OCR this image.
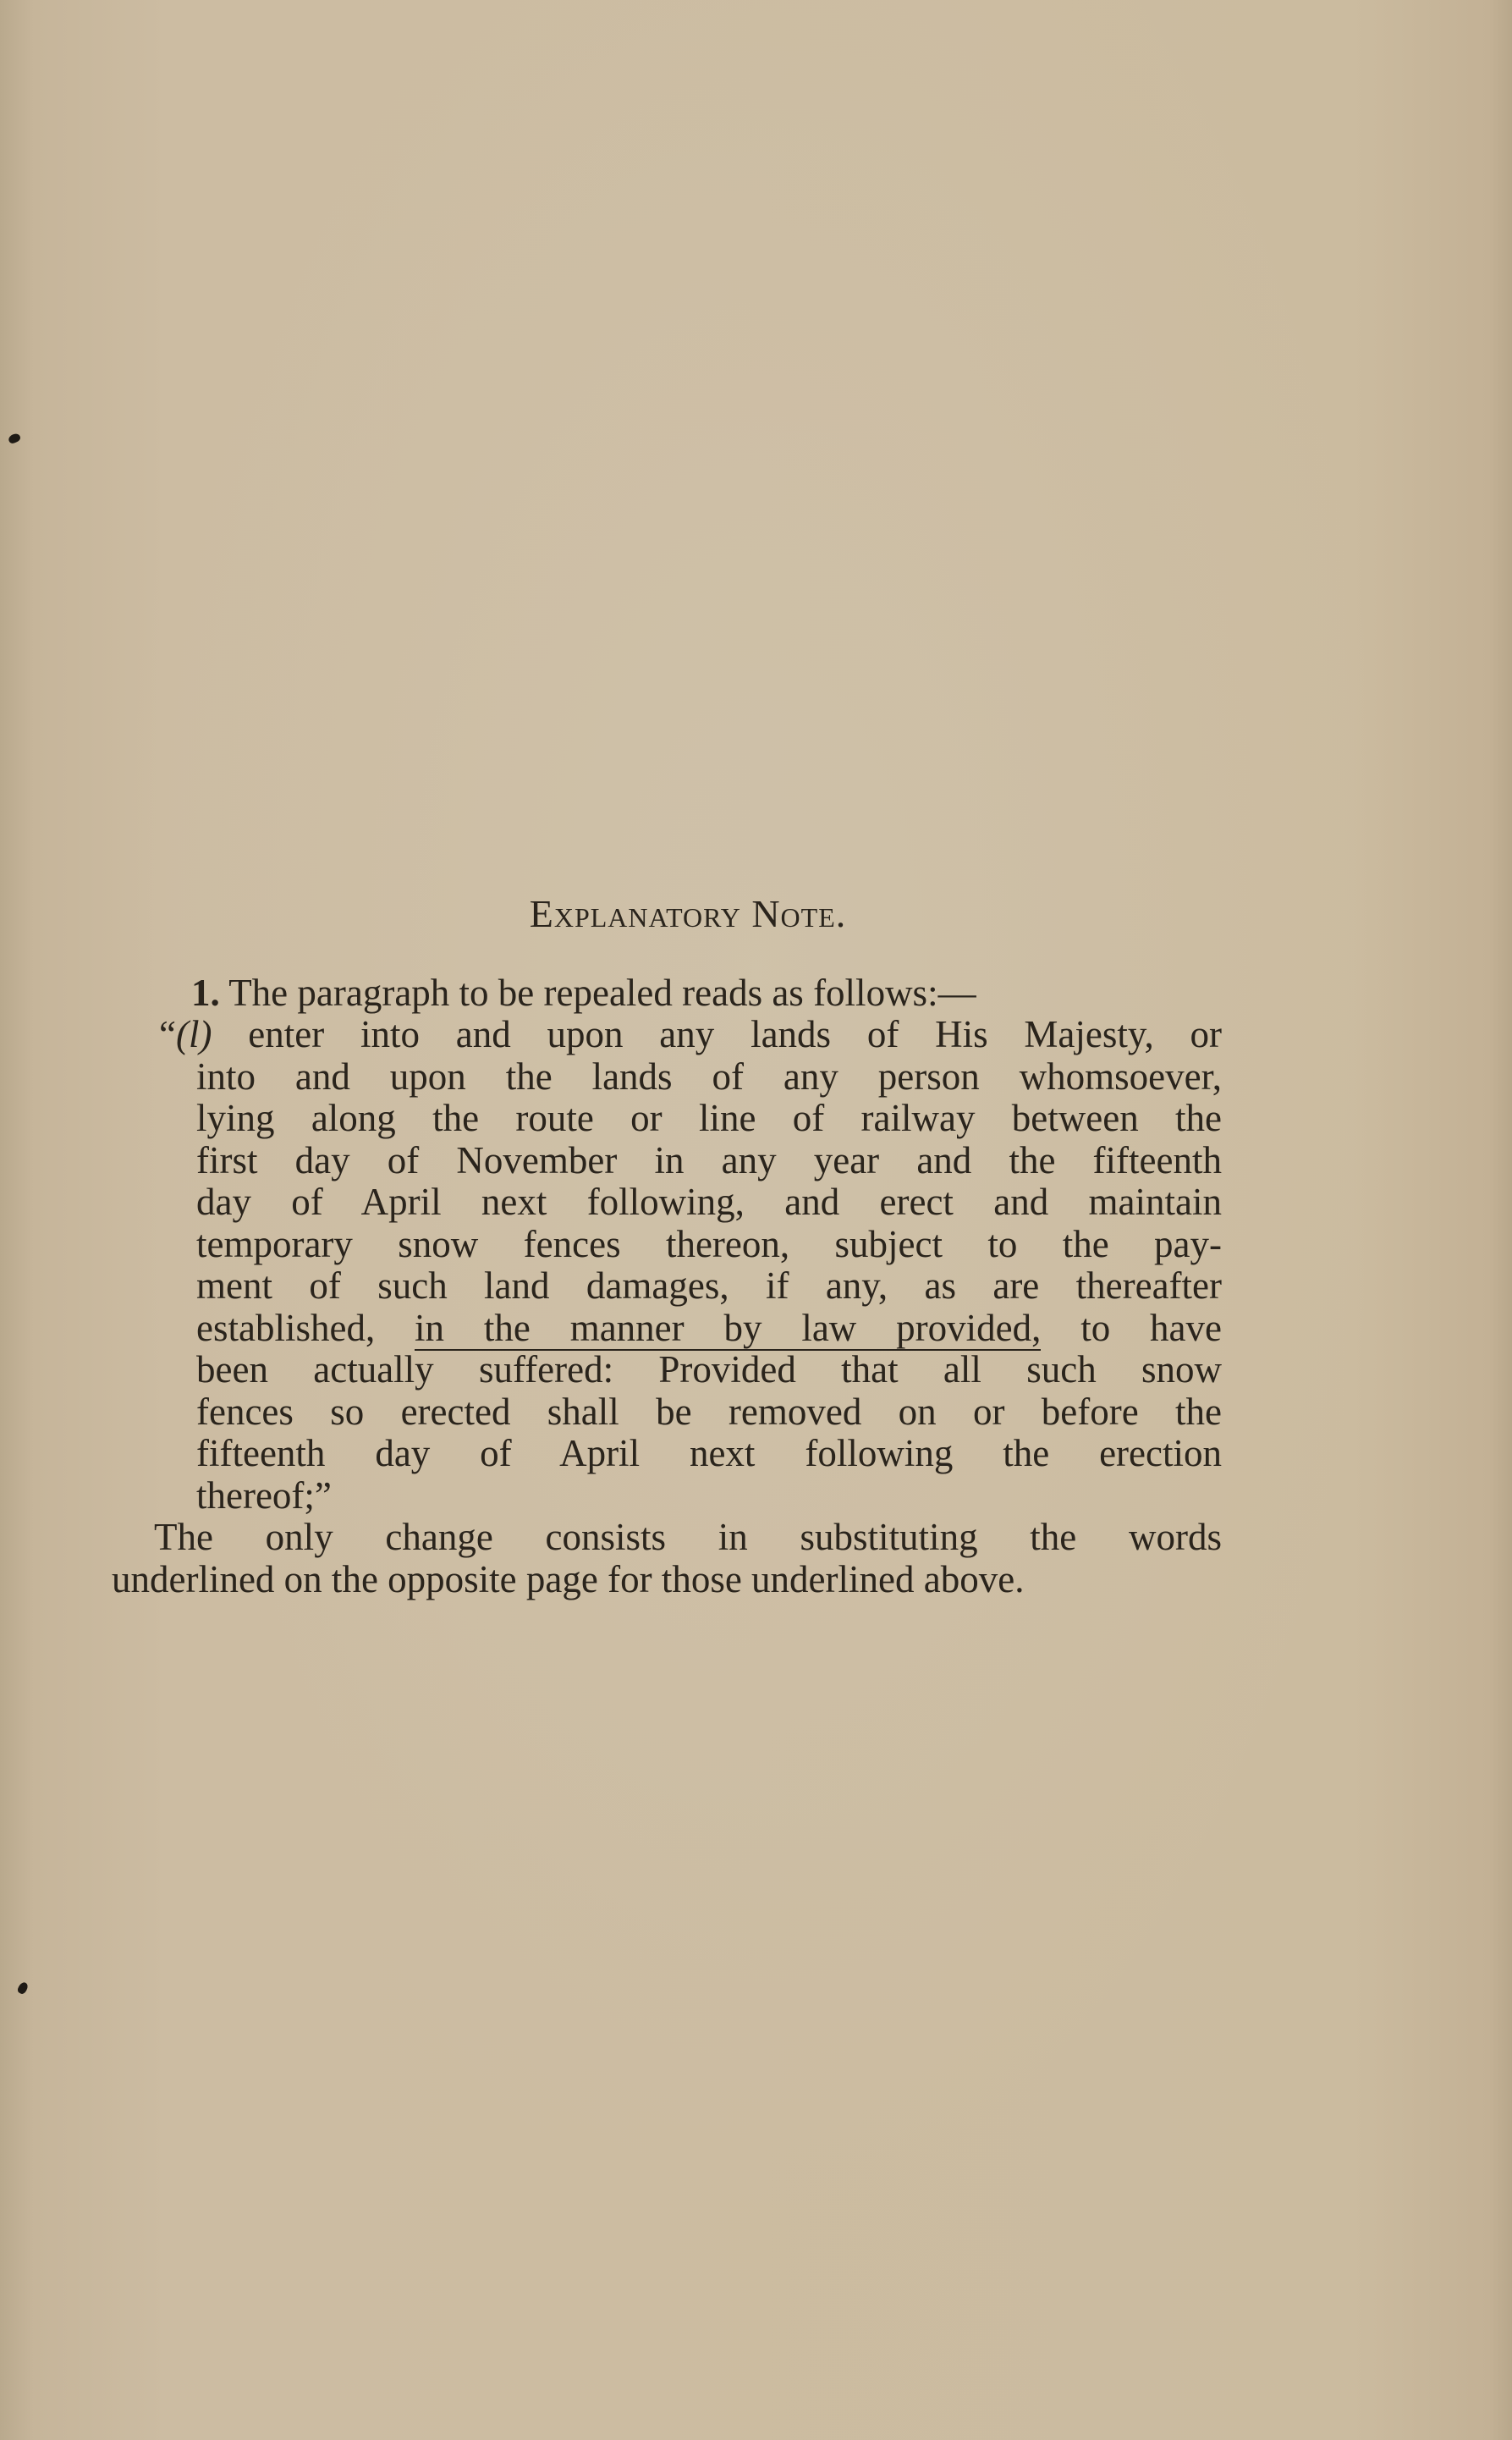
Explanatory Note.

1. The paragraph to be repealed reads as follows:—

“(l) enter into and upon any lands of His Majesty, or
into and upon the lands of any person whomsoever,
lying along the route or line of railway between the
first day of November in any year and the fifteenth
day of April next following, and erect and maintain
temporary snow fences thereon, subject to the pay-
ment of such land damages, if any, as are thereafter
established, in the manner by law provided, to have
been actually suffered: Provided that all such snow
fences so erected shall be removed on or before the
fifteenth day of April next following the erection
thereof;”
The only change consists in substituting the words
underlined on the opposite page for those underlined above.
